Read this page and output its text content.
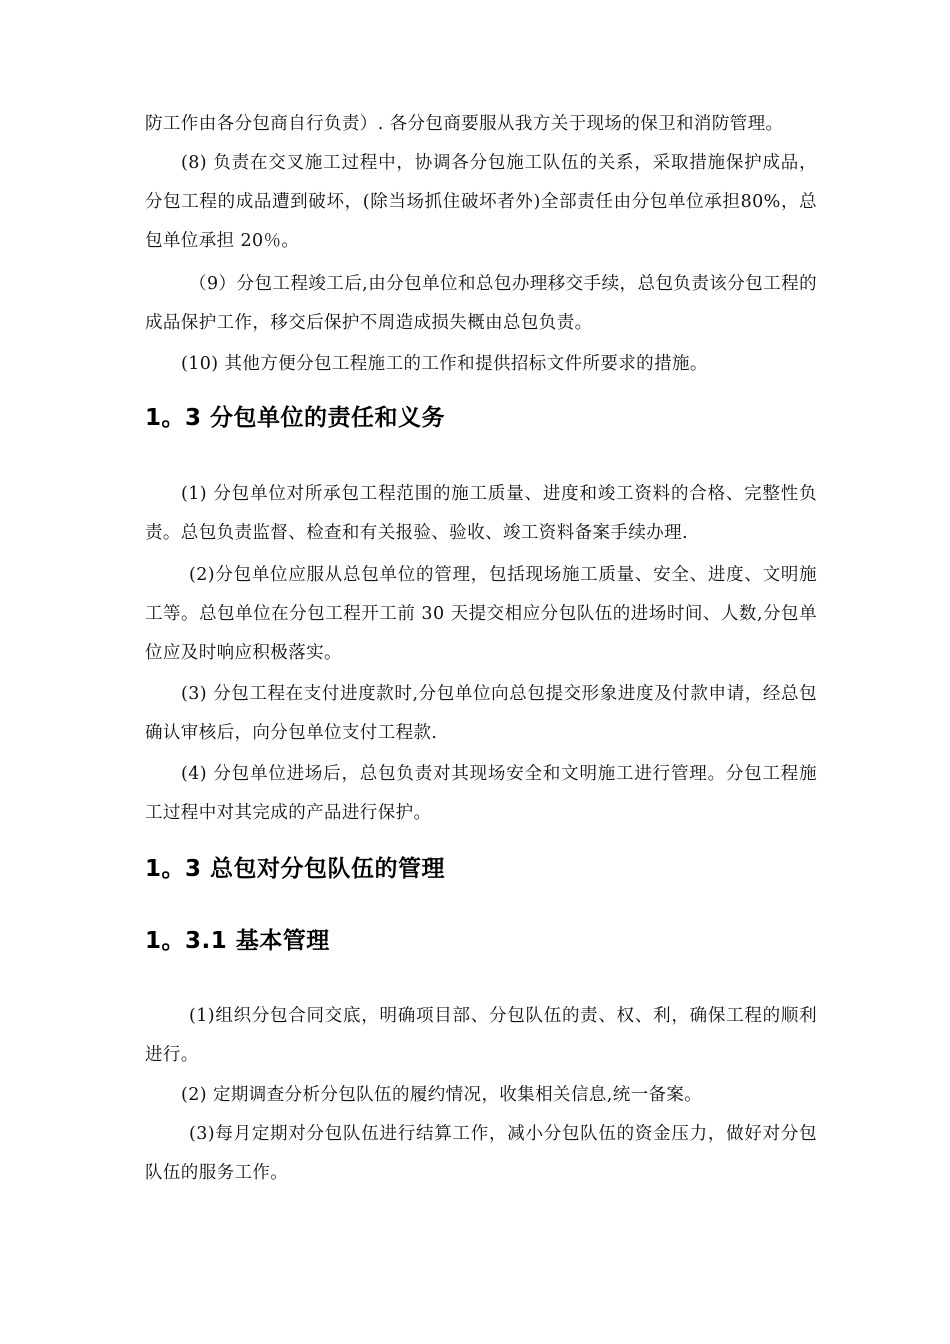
防工作由各分包商自行负责）. 各分包商要服从我方关于现场的保卫和消防管理。

(8) 负责在交叉施工过程中，协调各分包施工队伍的关系，采取措施保护成品，分包工程的成品遭到破坏，(除当场抓住破坏者外)全部责任由分包单位承担80%，总包单位承担 20％。

（9）分包工程竣工后,由分包单位和总包办理移交手续，总包负责该分包工程的成品保护工作，移交后保护不周造成损失概由总包负责。

(10) 其他方便分包工程施工的工作和提供招标文件所要求的措施。

1。3 分包单位的责任和义务

(1) 分包单位对所承包工程范围的施工质量、进度和竣工资料的合格、完整性负责。总包负责监督、检查和有关报验、验收、竣工资料备案手续办理.

(2)分包单位应服从总包单位的管理，包括现场施工质量、安全、进度、文明施工等。总包单位在分包工程开工前 30 天提交相应分包队伍的进场时间、人数,分包单位应及时响应积极落实。

(3) 分包工程在支付进度款时,分包单位向总包提交形象进度及付款申请，经总包确认审核后，向分包单位支付工程款.

(4) 分包单位进场后，总包负责对其现场安全和文明施工进行管理。分包工程施工过程中对其完成的产品进行保护。

1。3 总包对分包队伍的管理
1。3.1 基本管理

(1)组织分包合同交底，明确项目部、分包队伍的责、权、利，确保工程的顺利进行。

(2) 定期调查分析分包队伍的履约情况，收集相关信息,统一备案。

(3)每月定期对分包队伍进行结算工作，减小分包队伍的资金压力，做好对分包队伍的服务工作。
